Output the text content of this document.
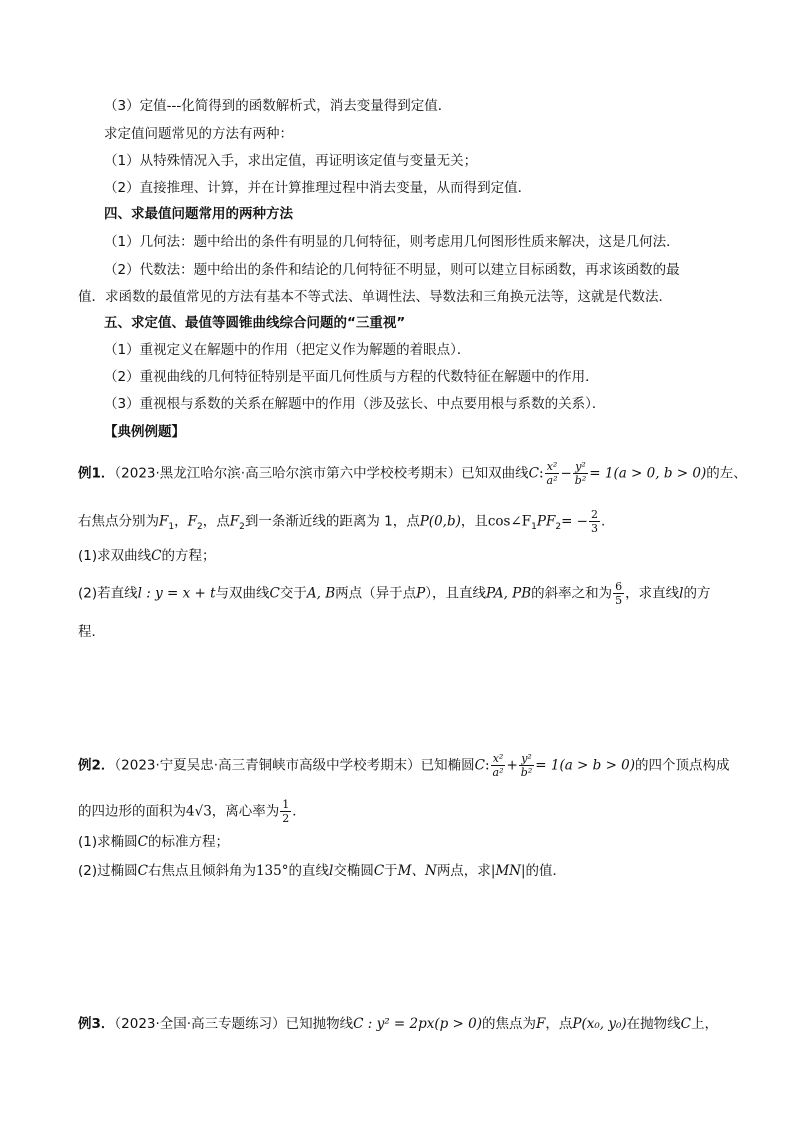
（3）定值---化简得到的函数解析式，消去变量得到定值．
求定值问题常见的方法有两种：
（1）从特殊情况入手，求出定值，再证明该定值与变量无关；
（2）直接推理、计算，并在计算推理过程中消去变量，从而得到定值．
四、求最值问题常用的两种方法
（1）几何法：题中给出的条件有明显的几何特征，则考虑用几何图形性质来解决，这是几何法．
（2）代数法：题中给出的条件和结论的几何特征不明显，则可以建立目标函数，再求该函数的最
值．求函数的最值常见的方法有基本不等式法、单调性法、导数法和三角换元法等，这就是代数法．
五、求定值、最值等圆锥曲线综合问题的“三重视”
（1）重视定义在解题中的作用（把定义作为解题的着眼点）．
（2）重视曲线的几何特征特别是平面几何性质与方程的代数特征在解题中的作用．
（3）重视根与系数的关系在解题中的作用（涉及弦长、中点要用根与系数的关系）．
【典例例题】
例1．（2023·黑龙江哈尔滨·高三哈尔滨市第六中学校校考期末）已知双曲线C: $\frac{\text{x²}}{\text{a²}} - \frac{\text{y²}}{\text{b²}} = 1(a > 0$, b > 0)的左、
右焦点分别为$F_1$，$F_2$，点$F_2$到一条渐近线的距离为 1，点P(0,b)，且$\cos\angle F_1PF_2= - \frac{2}{3}$ .
(1)求双曲线C的方程；
(2)若直线l : y = x + t与双曲线C交于A, B两点（异于点P），且直线PA, PB的斜率之和为 $\frac{6}{5}$ ，求直线l的方
程．
例2．（2023·宁夏吴忠·高三青铜峡市高级中学校考期末）已知椭圆C: $\frac{\text{x²}}{\text{a²}} + \frac{\text{y²}}{\text{b²}} = 1(a > b > 0)$的四个顶点构成
的四边形的面积为4√3，离心率为 $\frac{1}{2}$ ．
(1)求椭圆C的标准方程；
(2)过椭圆C右焦点且倾斜角为135°的直线l交椭圆C于M、N两点，求|MN|的值．
例3．（2023·全国·高三专题练习）已知抛物线C : y² = 2px(p > 0)的焦点为F，点P(x₀, y₀)在抛物线C上，
